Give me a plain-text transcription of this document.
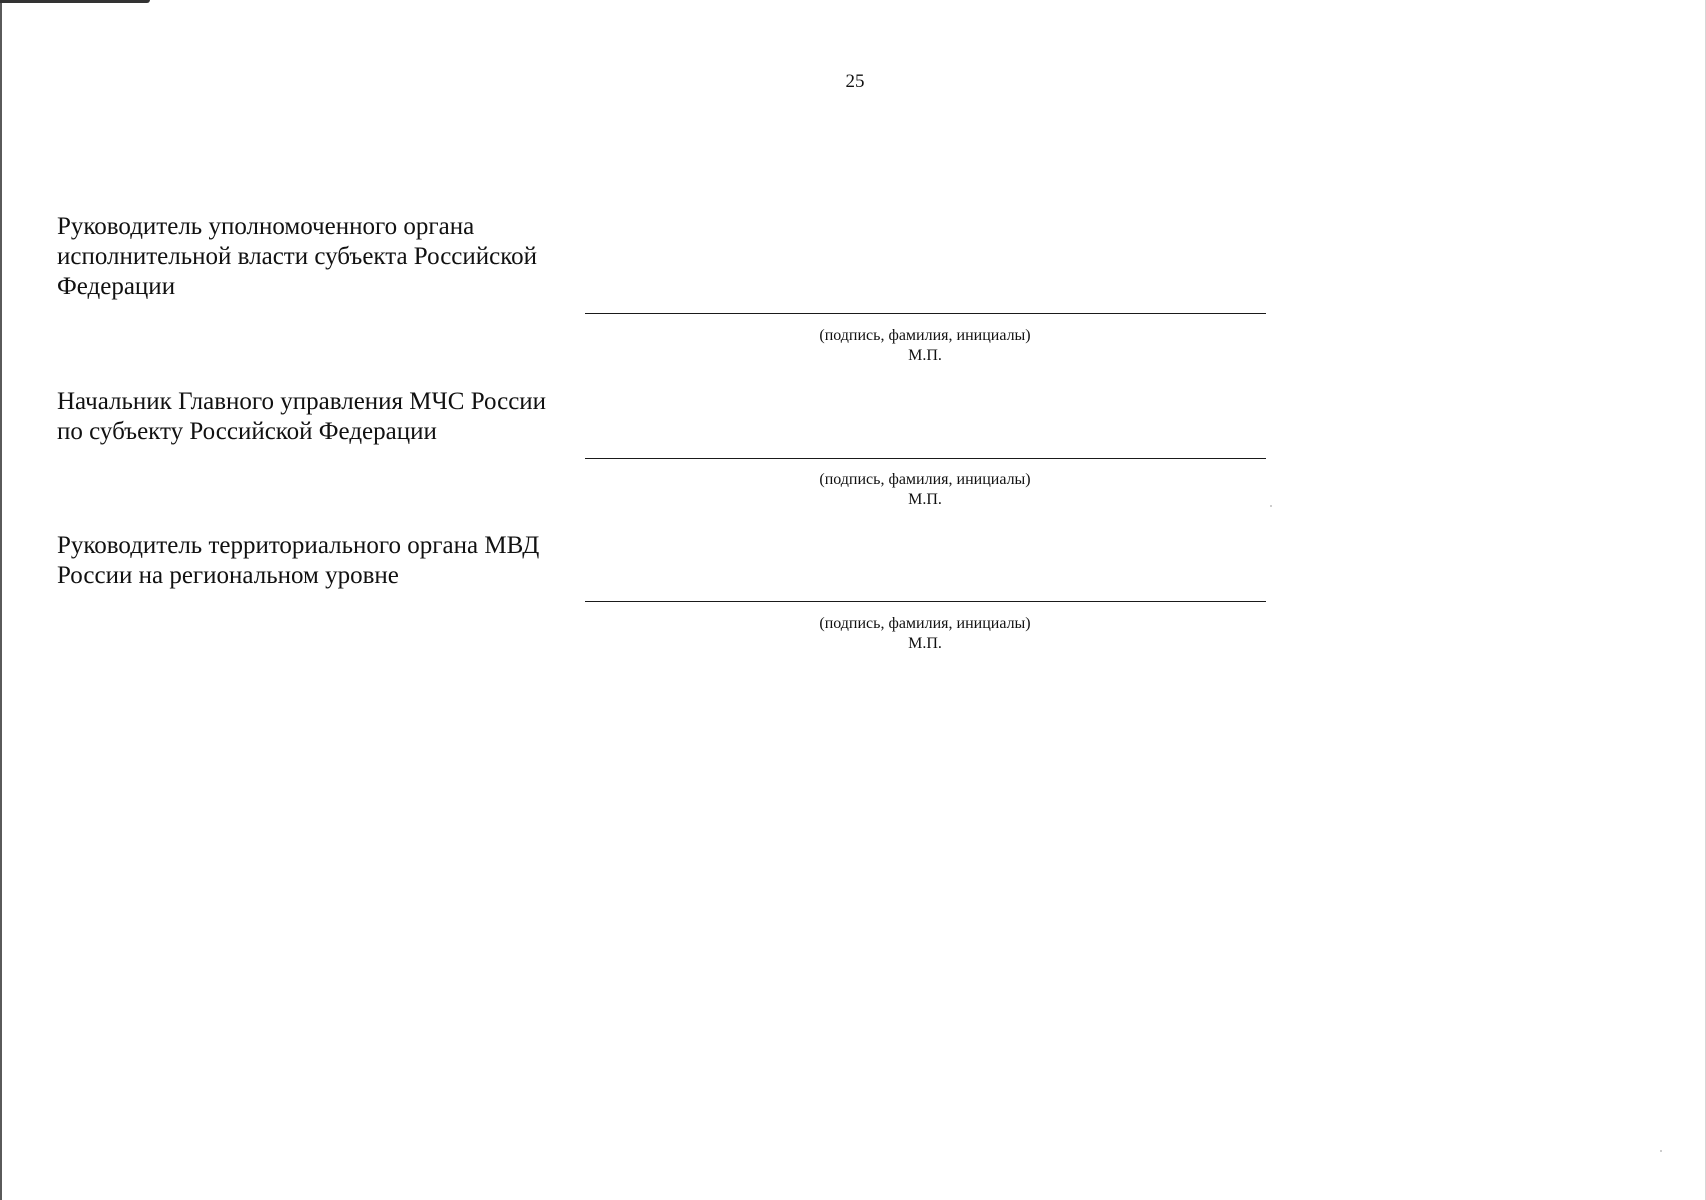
25
Руководитель уполномоченного органа
исполнительной власти субъекта Российской
Федерации
(подпись, фамилия, инициалы)
М.П.
Начальник Главного управления МЧС России
по субъекту Российской Федерации
(подпись, фамилия, инициалы)
М.П.
Руководитель территориального органа МВД
России на региональном уровне
(подпись, фамилия, инициалы)
М.П.
